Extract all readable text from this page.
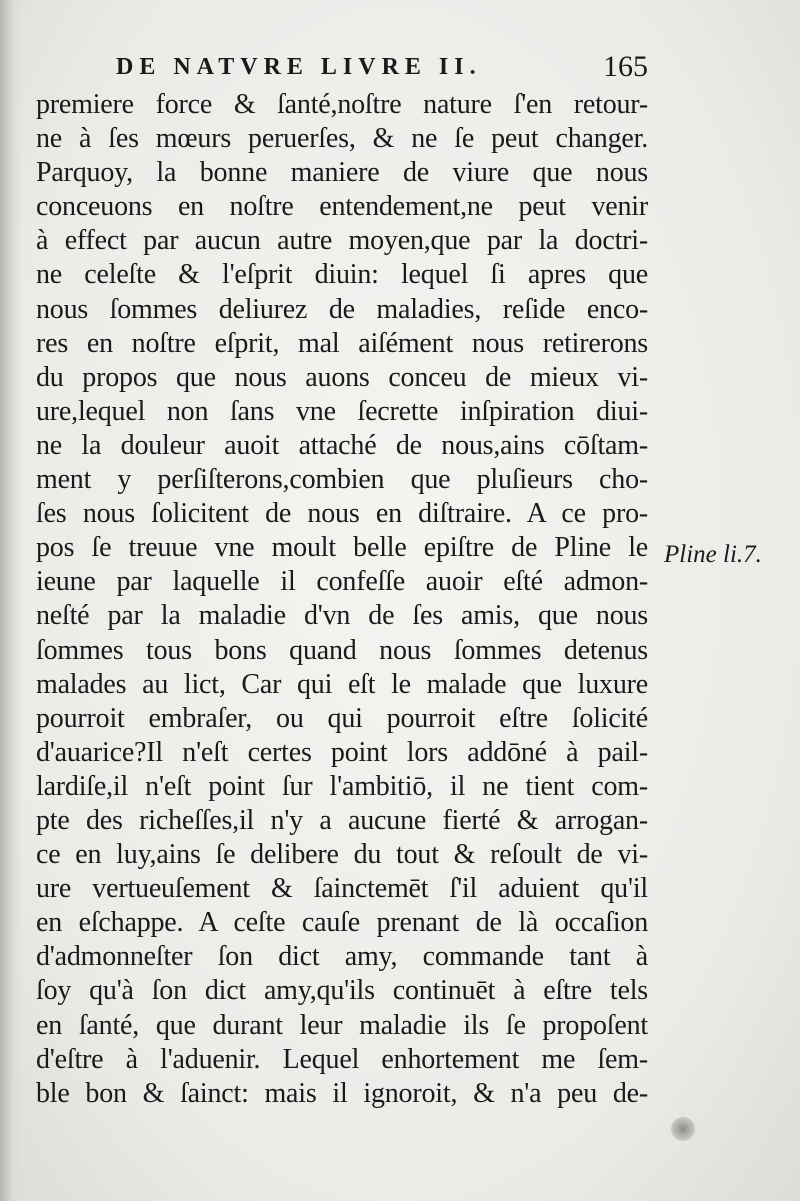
DE NATVRE LIVRE II.	165
premiere force & ſanté,noſtre nature ſ'en retour-
ne à ſes mœurs peruerſes, & ne ſe peut changer.
Parquoy, la bonne maniere de viure que nous
conceuons en noſtre entendement,ne peut venir
à effect par aucun autre moyen,que par la doctri-
ne celeſte & l'eſprit diuin: lequel ſi apres que
nous ſommes deliurez de maladies, reſide enco-
res en noſtre eſprit, mal aiſément nous retirerons
du propos que nous auons conceu de mieux vi-
ure,lequel non ſans vne ſecrette inſpiration diui-
ne la douleur auoit attaché de nous,ains cōſtam-
ment y perſiſterons,combien que pluſieurs cho-
ſes nous ſolicitent de nous en diſtraire. A ce pro-
pos ſe treuue vne moult belle epiſtre de Pline le
ieune par laquelle il confeſſe auoir eſté admon-
neſté par la maladie d'vn de ſes amis, que nous
ſommes tous bons quand nous ſommes detenus
malades au lict, Car qui eſt le malade que luxure
pourroit embraſer, ou qui pourroit eſtre ſolicité
d'auarice?Il n'eſt certes point lors addōné à pail-
lardiſe,il n'eſt point ſur l'ambitiō, il ne tient com-
pte des richeſſes,il n'y a aucune fierté & arrogan-
ce en luy,ains ſe delibere du tout & reſoult de vi-
ure vertueuſement & ſainctemēt ſ'il aduient qu'il
en eſchappe. A ceſte cauſe prenant de là occaſion
d'admonneſter ſon dict amy, commande tant à
ſoy qu'à ſon dict amy,qu'ils continuēt à eſtre tels
en ſanté, que durant leur maladie ils ſe propoſent
d'eſtre à l'aduenir. Lequel enhortement me ſem-
ble bon & ſainct: mais il ignoroit, & n'a peu de-
Pline li.7.
